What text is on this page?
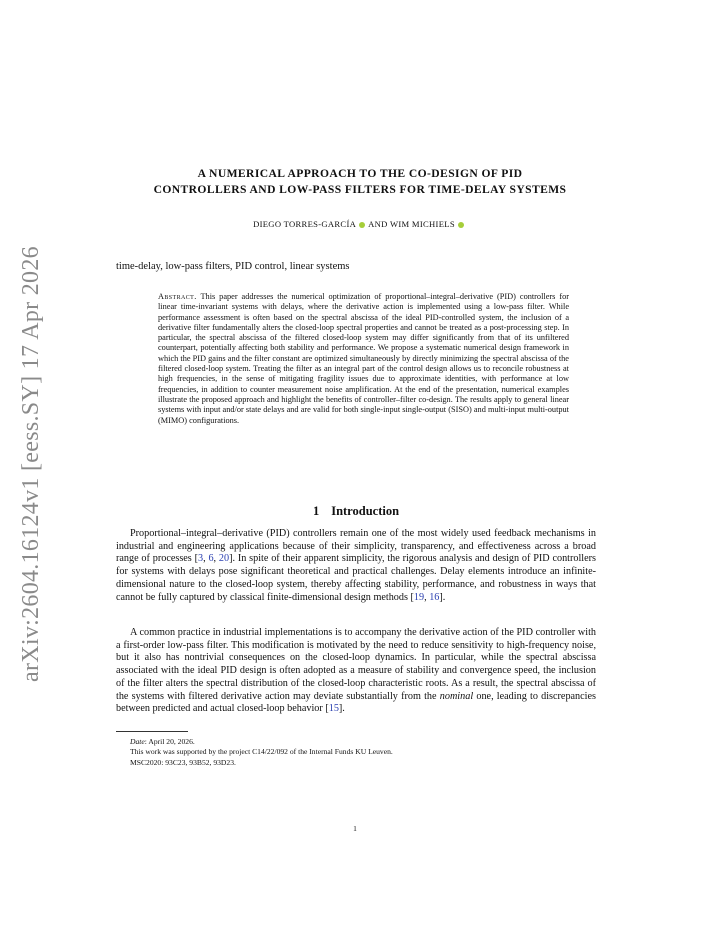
arXiv:2604.16124v1 [eess.SY] 17 Apr 2026
A NUMERICAL APPROACH TO THE CO-DESIGN OF PID
CONTROLLERS AND LOW-PASS FILTERS FOR TIME-DELAY SYSTEMS
DIEGO TORRES-GARCÍA AND WIM MICHIELS
time-delay, low-pass filters, PID control, linear systems
Abstract. This paper addresses the numerical optimization of proportional–integral–derivative (PID) controllers for linear time-invariant systems with delays, where the derivative action is implemented using a low-pass filter. While performance assessment is often based on the spectral abscissa of the ideal PID-controlled system, the inclusion of a derivative filter fundamentally alters the closed-loop spectral properties and cannot be treated as a post-processing step. In particular, the spectral abscissa of the filtered closed-loop system may differ significantly from that of its unfiltered counterpart, potentially affecting both stability and performance. We propose a systematic numerical design framework in which the PID gains and the filter constant are optimized simultaneously by directly minimizing the spectral abscissa of the filtered closed-loop system. Treating the filter as an integral part of the control design allows us to reconcile robustness at high frequencies, in the sense of mitigating fragility issues due to approximate identities, with performance at low frequencies, in addition to counter measurement noise amplification. At the end of the presentation, numerical examples illustrate the proposed approach and highlight the benefits of controller–filter co-design. The results apply to general linear systems with input and/or state delays and are valid for both single-input single-output (SISO) and multi-input multi-output (MIMO) configurations.
1 Introduction
Proportional–integral–derivative (PID) controllers remain one of the most widely used feedback mechanisms in industrial and engineering applications because of their simplicity, transparency, and effectiveness across a broad range of processes [3, 6, 20]. In spite of their apparent simplicity, the rigorous analysis and design of PID controllers for systems with delays pose significant theoretical and practical challenges. Delay elements introduce an infinite-dimensional nature to the closed-loop system, thereby affecting stability, performance, and robustness in ways that cannot be fully captured by classical finite-dimensional design methods [19, 16].
A common practice in industrial implementations is to accompany the derivative action of the PID controller with a first-order low-pass filter. This modification is motivated by the need to reduce sensitivity to high-frequency noise, but it also has nontrivial consequences on the closed-loop dynamics. In particular, while the spectral abscissa associated with the ideal PID design is often adopted as a measure of stability and convergence speed, the inclusion of the filter alters the spectral distribution of the closed-loop characteristic roots. As a result, the spectral abscissa of the systems with filtered derivative action may deviate substantially from the nominal one, leading to discrepancies between predicted and actual closed-loop behavior [15].
Date: April 20, 2026.
This work was supported by the project C14/22/092 of the Internal Funds KU Leuven.
MSC2020: 93C23, 93B52, 93D23.
1
